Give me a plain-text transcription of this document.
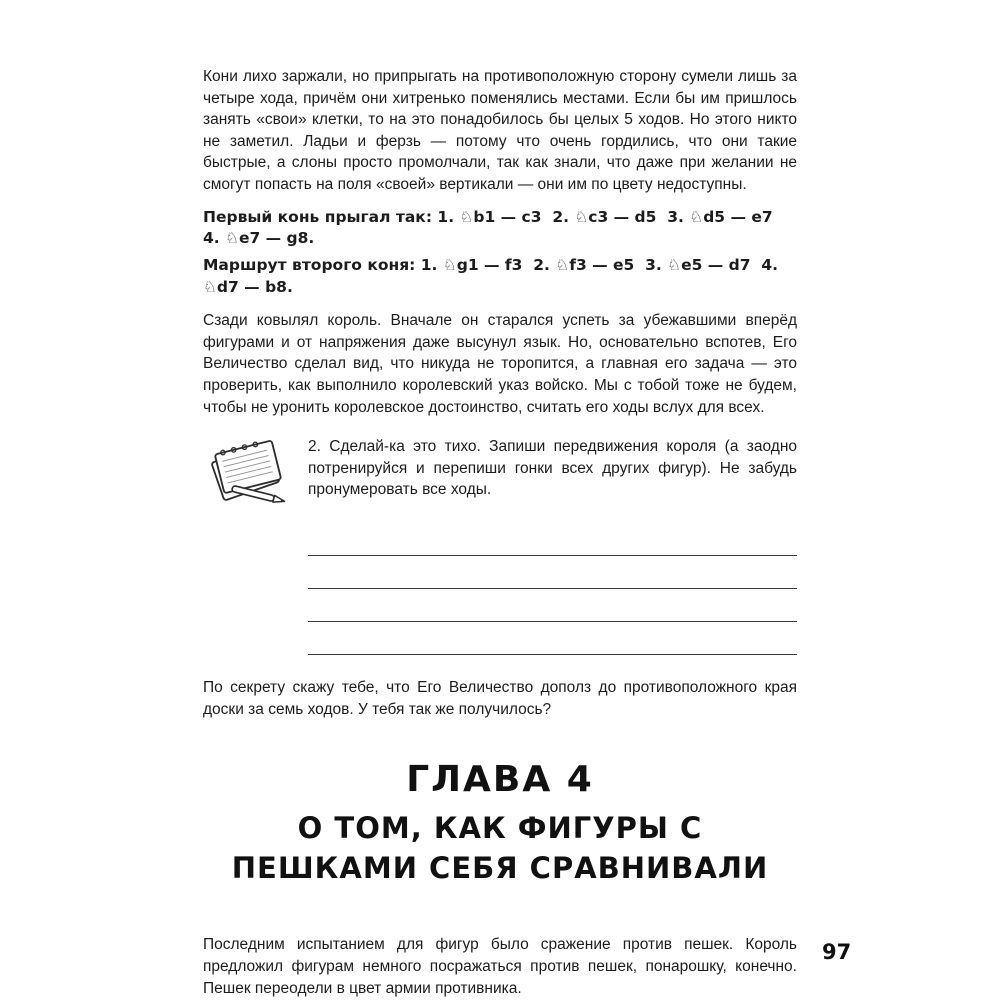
Кони лихо заржали, но припрыгать на противоположную сторону сумели лишь за четыре хода, причём они хитренько поменялись местами. Если бы им пришлось занять «свои» клетки, то на это понадобилось бы целых 5 ходов. Но этого никто не заметил. Ладьи и ферзь — потому что очень гордились, что они такие быстрые, а слоны просто промолчали, так как знали, что даже при желании не смогут попасть на поля «своей» вертикали — они им по цвету недоступны.

Первый конь прыгал так: 1. ♘b1 — c3  2. ♘c3 — d5  3. ♘d5 — e7  4. ♘e7 — g8.
Маршрут второго коня: 1. ♘g1 — f3  2. ♘f3 — e5  3. ♘e5 — d7  4. ♘d7 — b8.

Сзади ковылял король. Вначале он старался успеть за убежавшими вперёд фигурами и от напряжения даже высунул язык. Но, основательно вспотев, Его Величество сделал вид, что никуда не торопится, а главная его задача — это проверить, как выполнило королевский указ войско. Мы с тобой тоже не будем, чтобы не уронить королевское достоинство, считать его ходы вслух для всех.

2. Сделай-ка это тихо. Запиши передвижения короля (а заодно потренируйся и перепиши гонки всех других фигур). Не забудь пронумеровать все ходы.

По секрету скажу тебе, что Его Величество дополз до противоположного края доски за семь ходов. У тебя так же получилось?

ГЛАВА 4
О ТОМ, КАК ФИГУРЫ С ПЕШКАМИ СЕБЯ СРАВНИВАЛИ

Последним испытанием для фигур было сражение против пешек. Король предложил фигурам немного посражаться против пешек, понарошку, конечно. Пешек переодели в цвет армии противника.

97
